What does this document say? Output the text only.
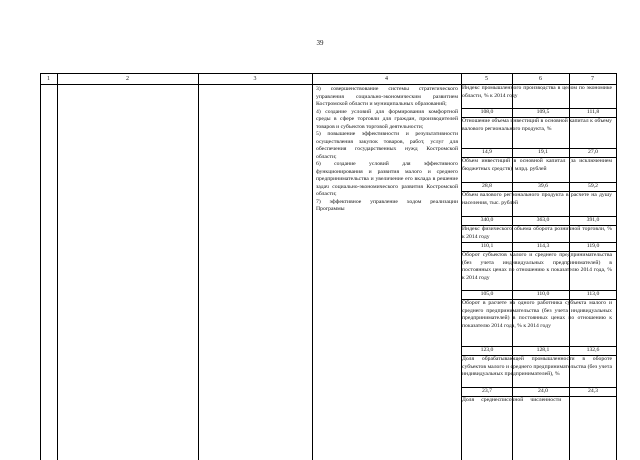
39
1	2	3	4	5	6	7
3) совершенствование системы стратегического управления социально-экономическим развитием Костромской области и муниципальных образований;
4) создание условий для формирования комфортной среды в сфере торговли для граждан, производителей товаров и субъектов торговой деятельности;
5) повышение эффективности и результативности осуществления закупок товаров, работ, услуг для обеспечения государственных нужд Костромской области;
6) создание условий для эффективного функционирования и развития малого и среднего предпринимательства и увеличение его вклада в решение задач социально-экономического развития Костромской области;
7) эффективное управление ходом реализации Программы
Индекс промышленного производства в целом по экономике области, % к 2014 году
108,0	109,5	111,8
Отношение объема инвестиций в основной капитал к объему валового регионального продукта, %
14,9	19,1	27,0
Объем инвестиций в основной капитал (за исключением бюджетных средств), млрд. рублей
28,8	39,6	59,2
Объем валового регионального продукта в расчете на душу населения, тыс. рублей
340,0	363,0	391,0
Индекс физического объема оборота розничной торговли, % к 2014 году
110,1	114,3	119,0
Оборот субъектов малого и среднего предпринимательства (без учета индивидуальных предпринимателей) в постоянных ценах по отношению к показателю 2014 года, % к 2014 году
105,0	110,0	113,0
Оборот в расчете на одного работника субъекта малого и среднего предпринимательства (без учета индивидуальных предпринимателей) в постоянных ценах по отношению к показателю 2014 года, % к 2014 году
123,0	128,1	132,6
Доля обрабатывающей промышленности в обороте субъектов малого и среднего предпринимательства (без учета индивидуальных предпринимателей), %
23,7	24,0	24,3
Доля     среднесписочной     численности
